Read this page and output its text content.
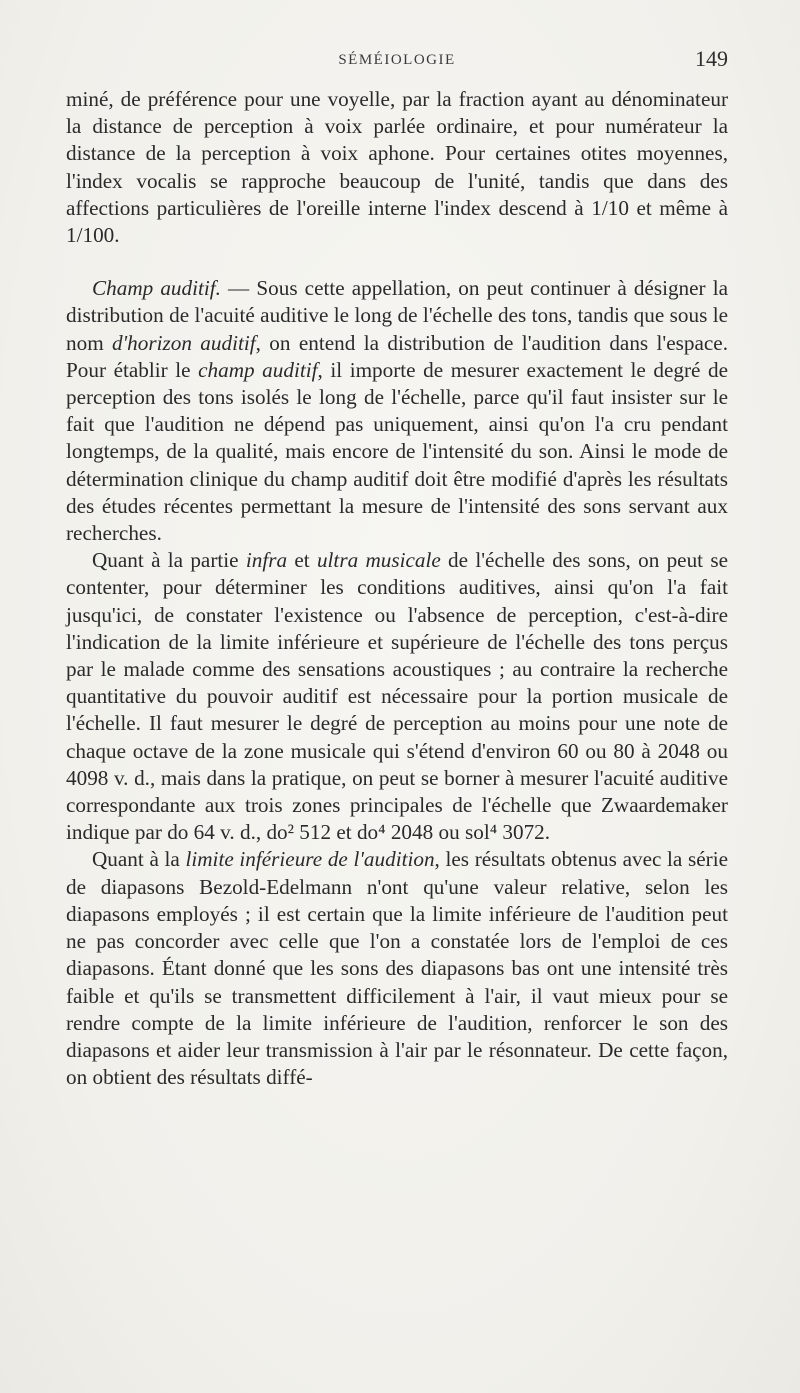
SÉMÉIOLOGIE	149

miné, de préférence pour une voyelle, par la fraction ayant au dénominateur la distance de perception à voix parlée ordinaire, et pour numérateur la distance de la perception à voix aphone. Pour certaines otites moyennes, l'index vocalis se rapproche beaucoup de l'unité, tandis que dans des affections particulières de l'oreille interne l'index descend à 1/10 et même à 1/100.

Champ auditif. — Sous cette appellation, on peut continuer à désigner la distribution de l'acuité auditive le long de l'échelle des tons, tandis que sous le nom d'horizon auditif, on entend la distribution de l'audition dans l'espace. Pour établir le champ auditif, il importe de mesurer exactement le degré de perception des tons isolés le long de l'échelle, parce qu'il faut insister sur le fait que l'audition ne dépend pas uniquement, ainsi qu'on l'a cru pendant longtemps, de la qualité, mais encore de l'intensité du son. Ainsi le mode de détermination clinique du champ auditif doit être modifié d'après les résultats des études récentes permettant la mesure de l'intensité des sons servant aux recherches.

Quant à la partie infra et ultra musicale de l'échelle des sons, on peut se contenter, pour déterminer les conditions auditives, ainsi qu'on l'a fait jusqu'ici, de constater l'existence ou l'absence de perception, c'est-à-dire l'indication de la limite inférieure et supérieure de l'échelle des tons perçus par le malade comme des sensations acoustiques ; au contraire la recherche quantitative du pouvoir auditif est nécessaire pour la portion musicale de l'échelle. Il faut mesurer le degré de perception au moins pour une note de chaque octave de la zone musicale qui s'étend d'environ 60 ou 80 à 2048 ou 4098 v. d., mais dans la pratique, on peut se borner à mesurer l'acuité auditive correspondante aux trois zones principales de l'échelle que Zwaardemaker indique par do 64 v. d., do² 512 et do⁴ 2048 ou sol⁴ 3072.

Quant à la limite inférieure de l'audition, les résultats obtenus avec la série de diapasons Bezold-Edelmann n'ont qu'une valeur relative, selon les diapasons employés ; il est certain que la limite inférieure de l'audition peut ne pas concorder avec celle que l'on a constatée lors de l'emploi de ces diapasons. Étant donné que les sons des diapasons bas ont une intensité très faible et qu'ils se transmettent difficilement à l'air, il vaut mieux pour se rendre compte de la limite inférieure de l'audition, renforcer le son des diapasons et aider leur transmission à l'air par le résonnateur. De cette façon, on obtient des résultats diffé-
